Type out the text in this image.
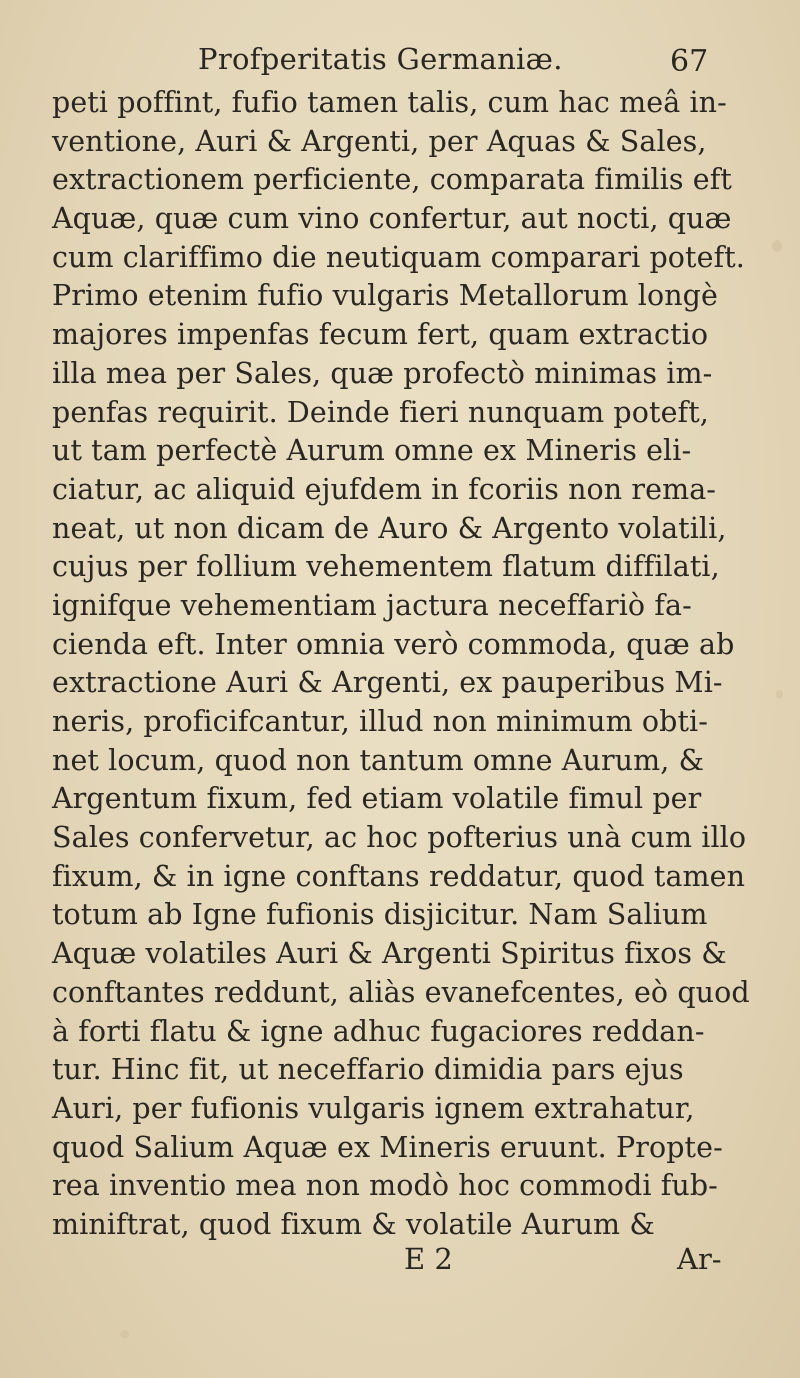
Profperitatis Germaniæ.	67
peti poffint, fufio tamen talis, cum hac meâ in-
ventione, Auri & Argenti, per Aquas & Sales,
extractionem perficiente, comparata fimilis eft
Aquæ, quæ cum vino confertur, aut nocti, quæ
cum clariffimo die neutiquam comparari poteft.
Primo etenim fufio vulgaris Metallorum longè
majores impenfas fecum fert, quam extractio
illa mea per Sales, quæ profectò minimas im-
penfas requirit. Deinde fieri nunquam poteft,
ut tam perfectè Aurum omne ex Mineris eli-
ciatur, ac aliquid ejufdem in fcoriis non rema-
neat, ut non dicam de Auro & Argento volatili,
cujus per follium vehementem flatum diffilati,
ignifque vehementiam jactura neceffariò fa-
cienda eft. Inter omnia verò commoda, quæ ab
extractione Auri & Argenti, ex pauperibus Mi-
neris, proficifcantur, illud non minimum obti-
net locum, quod non tantum omne Aurum, &
Argentum fixum, fed etiam volatile fimul per
Sales confervetur, ac hoc pofterius unà cum illo
fixum, & in igne conftans reddatur, quod tamen
totum ab Igne fufionis disjicitur. Nam Salium
Aquæ volatiles Auri & Argenti Spiritus fixos &
conftantes reddunt, aliàs evanefcentes, eò quod
à forti flatu & igne adhuc fugaciores reddan-
tur. Hinc fit, ut neceffario dimidia pars ejus
Auri, per fufionis vulgaris ignem extrahatur,
quod Salium Aquæ ex Mineris eruunt. Propte-
rea inventio mea non modò hoc commodi fub-
miniftrat, quod fixum & volatile Aurum &
E 2	Ar-
